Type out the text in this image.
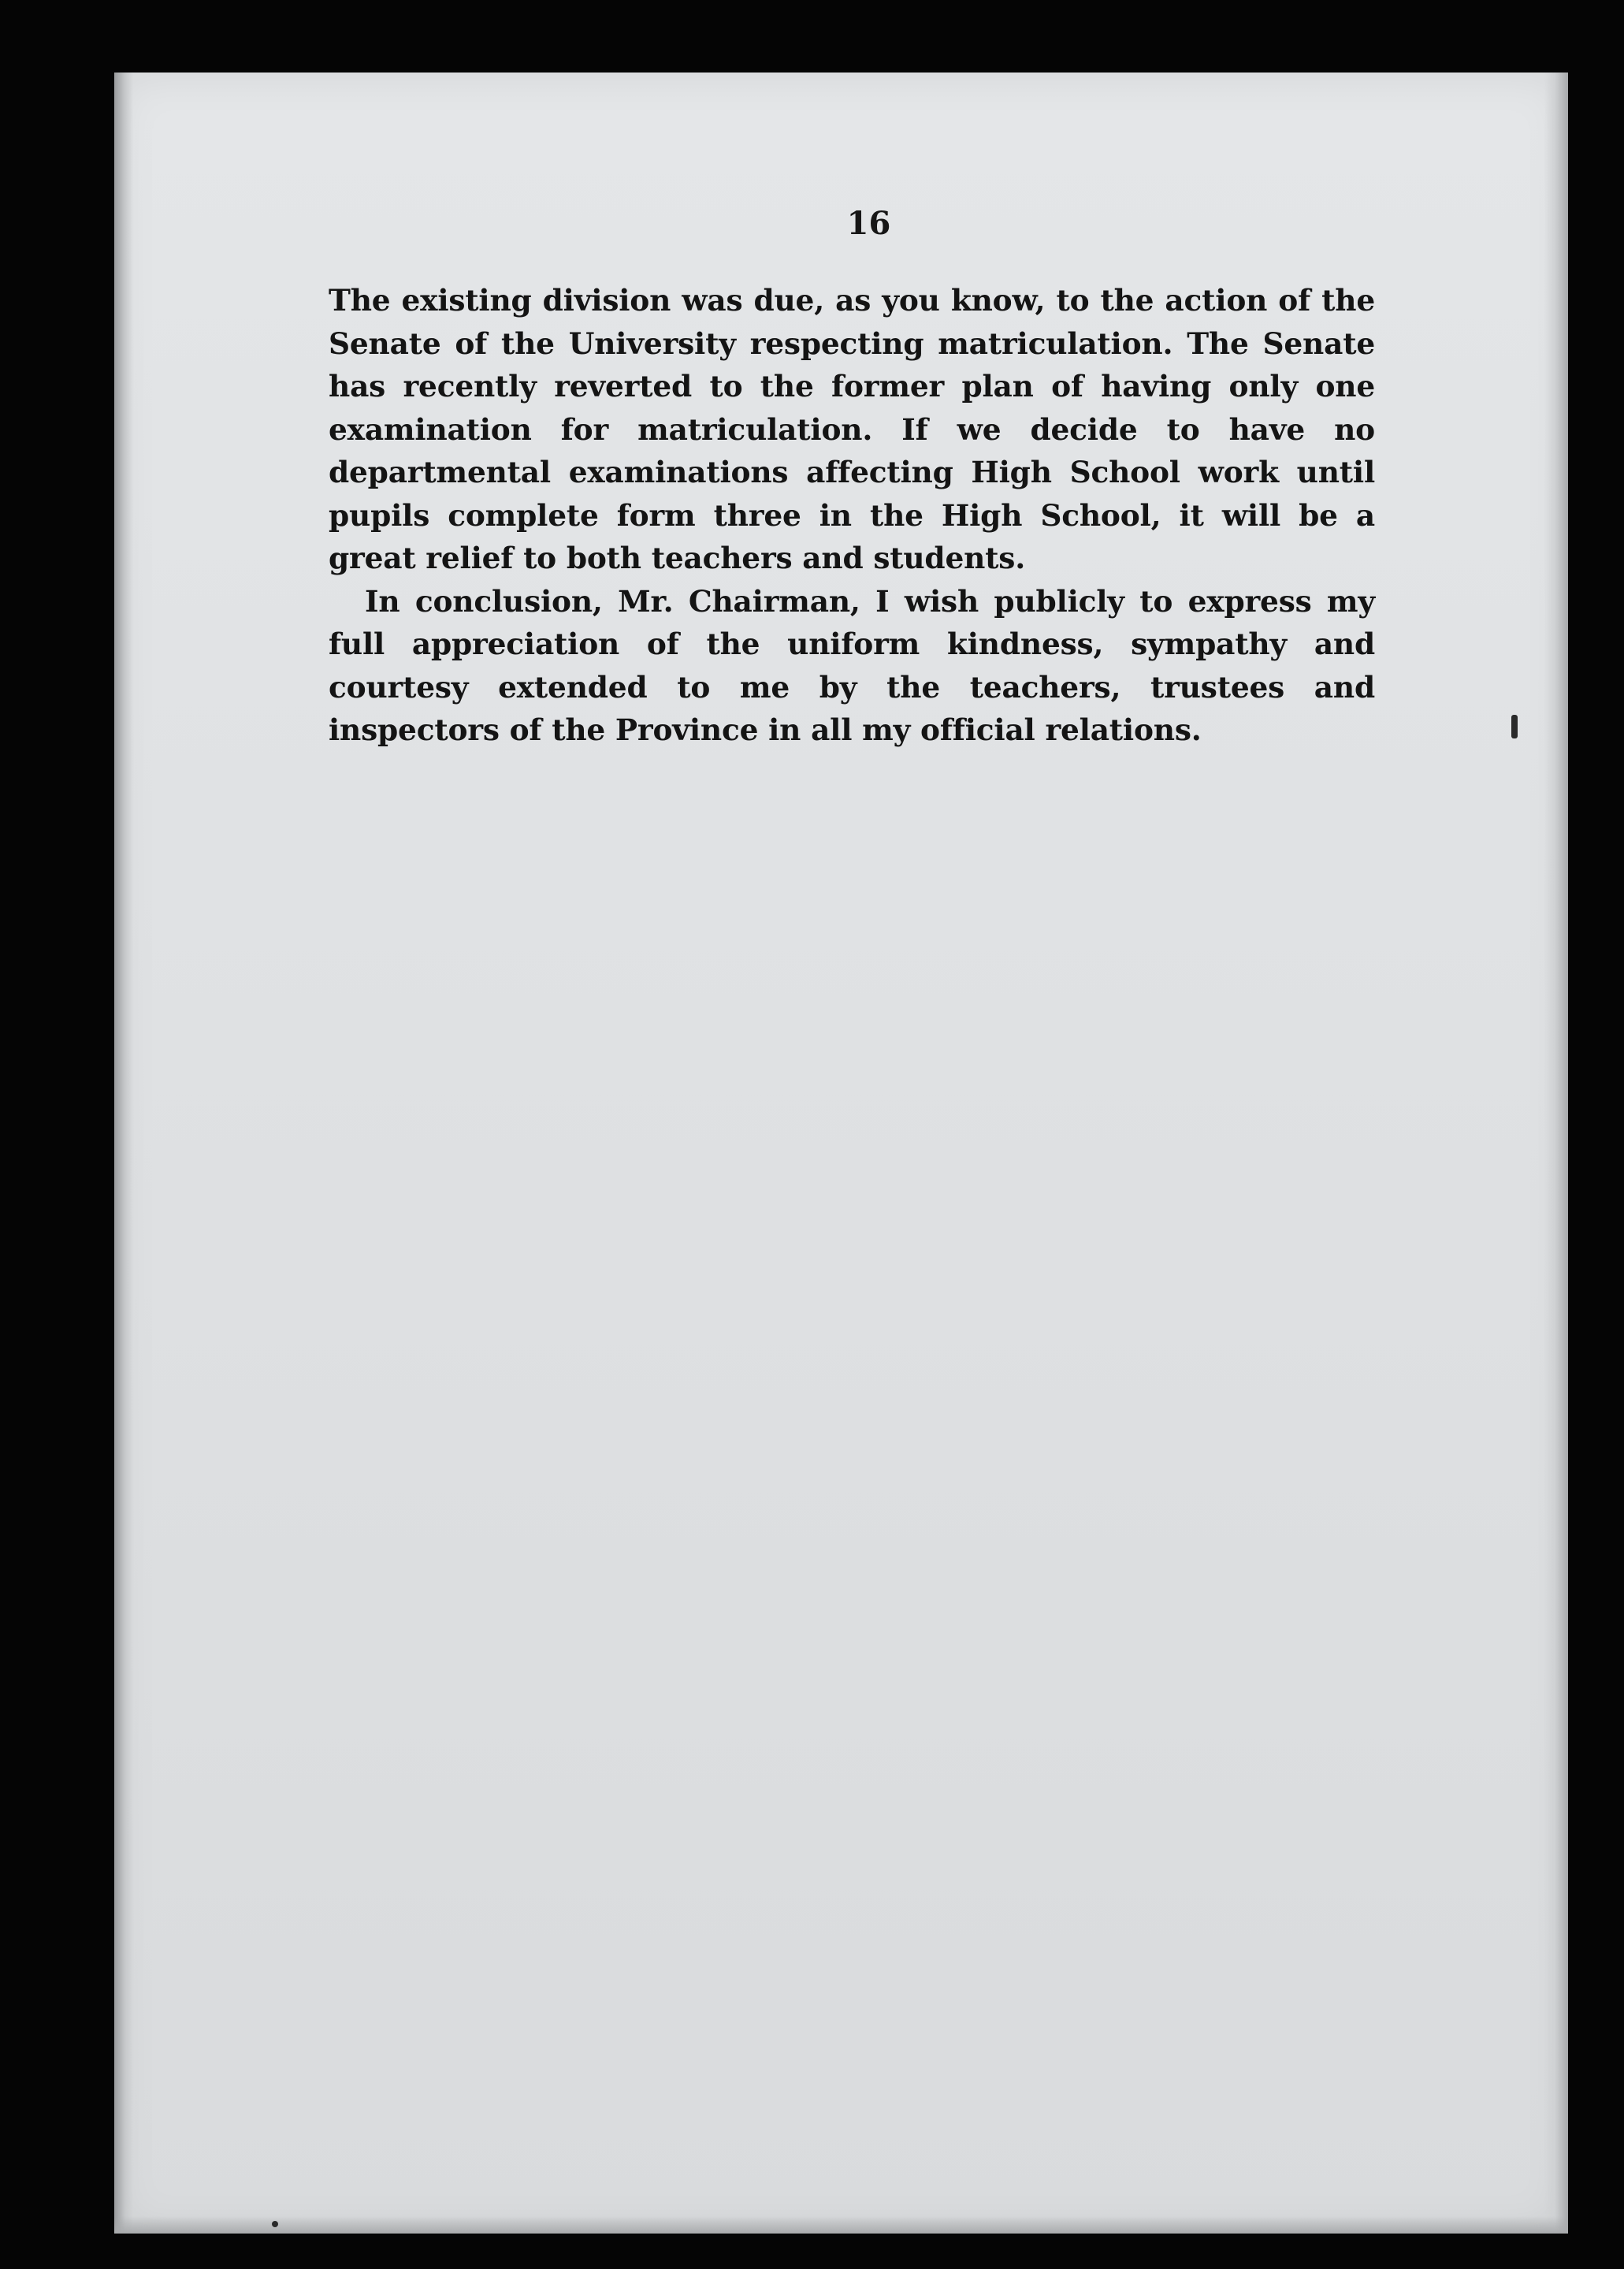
16

The existing division was due, as you know, to the action of the Senate of the University respecting matriculation. The Senate has recently reverted to the former plan of having only one examination for matriculation. If we decide to have no departmental examinations affecting High School work until pupils complete form three in the High School, it will be a great relief to both teachers and students.

In conclusion, Mr. Chairman, I wish publicly to express my full appreciation of the uniform kindness, sympathy and courtesy extended to me by the teachers, trustees and inspectors of the Province in all my official relations.
